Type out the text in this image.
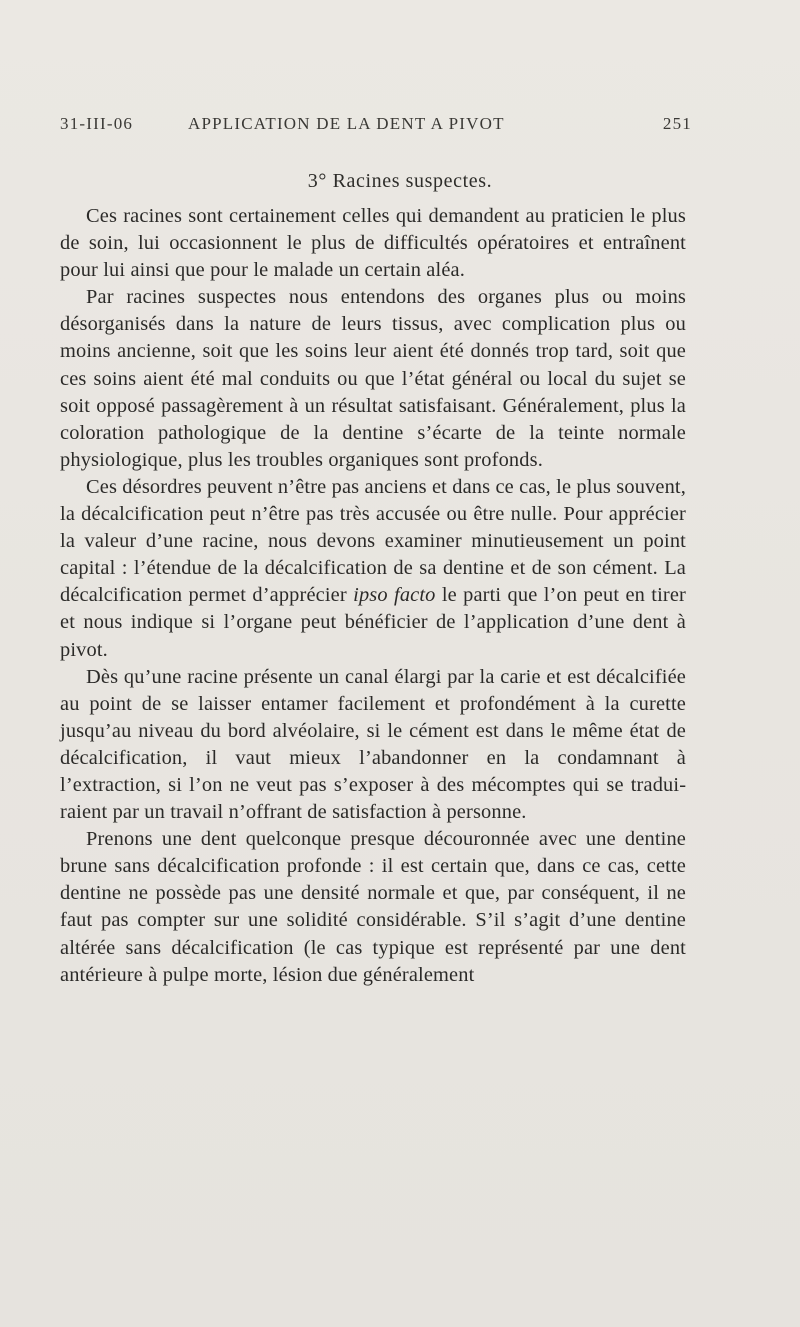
31-III-06	APPLICATION DE LA DENT A PIVOT	251
3° Racines suspectes.

Ces racines sont certainement celles qui demandent au praticien le plus de soin, lui occasionnent le plus de difficultés opératoires et entraînent pour lui ainsi que pour le malade un certain aléa.

Par racines suspectes nous entendons des organes plus ou moins désorganisés dans la nature de leurs tissus, avec complication plus ou moins ancienne, soit que les soins leur aient été donnés trop tard, soit que ces soins aient été mal conduits ou que l’état général ou local du sujet se soit opposé passagèrement à un résultat satisfaisant. Généralement, plus la coloration pathologique de la dentine s’écarte de la teinte normale physiologique, plus les troubles organiques sont profonds.

Ces désordres peuvent n’être pas anciens et dans ce cas, le plus souvent, la décalcification peut n’être pas très accusée ou être nulle. Pour apprécier la valeur d’une racine, nous devons examiner minutieusement un point capital : l’étendue de la décalcification de sa dentine et de son cément. La décalcification permet d’apprécier ipso facto le parti que l’on peut en tirer et nous indique si l’organe peut bénéficier de l’application d’une dent à pivot.

Dès qu’une racine présente un canal élargi par la carie et est décalcifiée au point de se laisser entamer facilement et profondément à la curette jusqu’au niveau du bord alvéolaire, si le cément est dans le même état de décalcification, il vaut mieux l’abandonner en la condamnant à l’extraction, si l’on ne veut pas s’exposer à des mécomptes qui se traduiraient par un travail n’offrant de satisfaction à personne.

Prenons une dent quelconque presque découronnée avec une dentine brune sans décalcification profonde : il est certain que, dans ce cas, cette dentine ne possède pas une densité normale et que, par conséquent, il ne faut pas compter sur une solidité considérable. S’il s’agit d’une dentine altérée sans décalcification (le cas typique est représenté par une dent antérieure à pulpe morte, lésion due généralement
